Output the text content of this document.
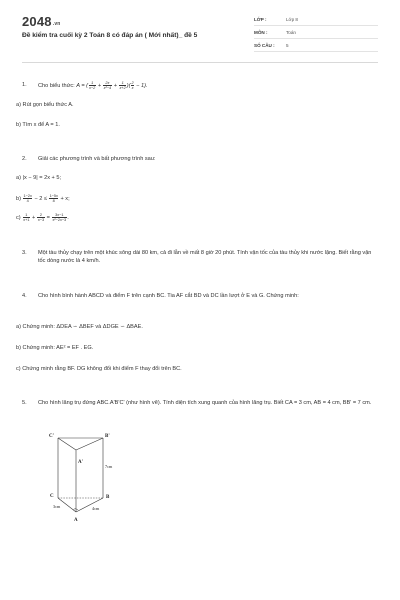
2048.vn
Đề kiểm tra cuối kỳ 2 Toán 8 có đáp án ( Mới nhất)_ đề 5
LỚP :	Lớp 8
MÔN :	Toán
SỐ CÂU : 5
1. Cho biểu thức: A = ( $\frac{1}{x-2} + \frac{2x}{\text{x²−4}} + \frac{1}{x+2}$ )( $\frac{2}{x} - 1$).
a) Rút gọn biểu thức A.
b) Tìm x để A = 1.
2. Giải các phương trình và bất phương trình sau:
a) |x − 9| = 2x + 5;
$b) \frac{1-2x}{4} - 2 \le \frac{1-5x}{8} + x$;
$c) \frac{1}{x+1} + \frac{2}{x-3} = \frac{3x-1}{\text{x²−2x−3}}$ .
3. Một tàu thủy chạy trên một khúc sông dài 80 km, cả đi lẫn về mất 8 giờ 20 phút. Tính vận tốc của tàu thủy khi nước lặng. Biết rằng vận tốc dòng nước là 4 km/h.
4. Cho hình bình hành ABCD và điểm F trên cạnh BC. Tia AF cắt BD và DC lần lượt ở E và G. Chứng minh:
a) Chứng minh: ΔDEA ∽ ΔBEF và ΔDGE ∽ ΔBAE.
b) Chứng minh: AE² = EF . EG.
c) Chứng minh rằng BF. DG không đổi khi điểm F thay đổi trên BC.
5. Cho hình lăng trụ đứng ABC.A'B'C' (như hình vẽ). Tính diện tích xung quanh của hình lăng trụ. Biết CA = 3 cm, AB = 4 cm, BB' = 7 cm.
C'	B'
A'
C	B
A
7cm
3cm	4cm
